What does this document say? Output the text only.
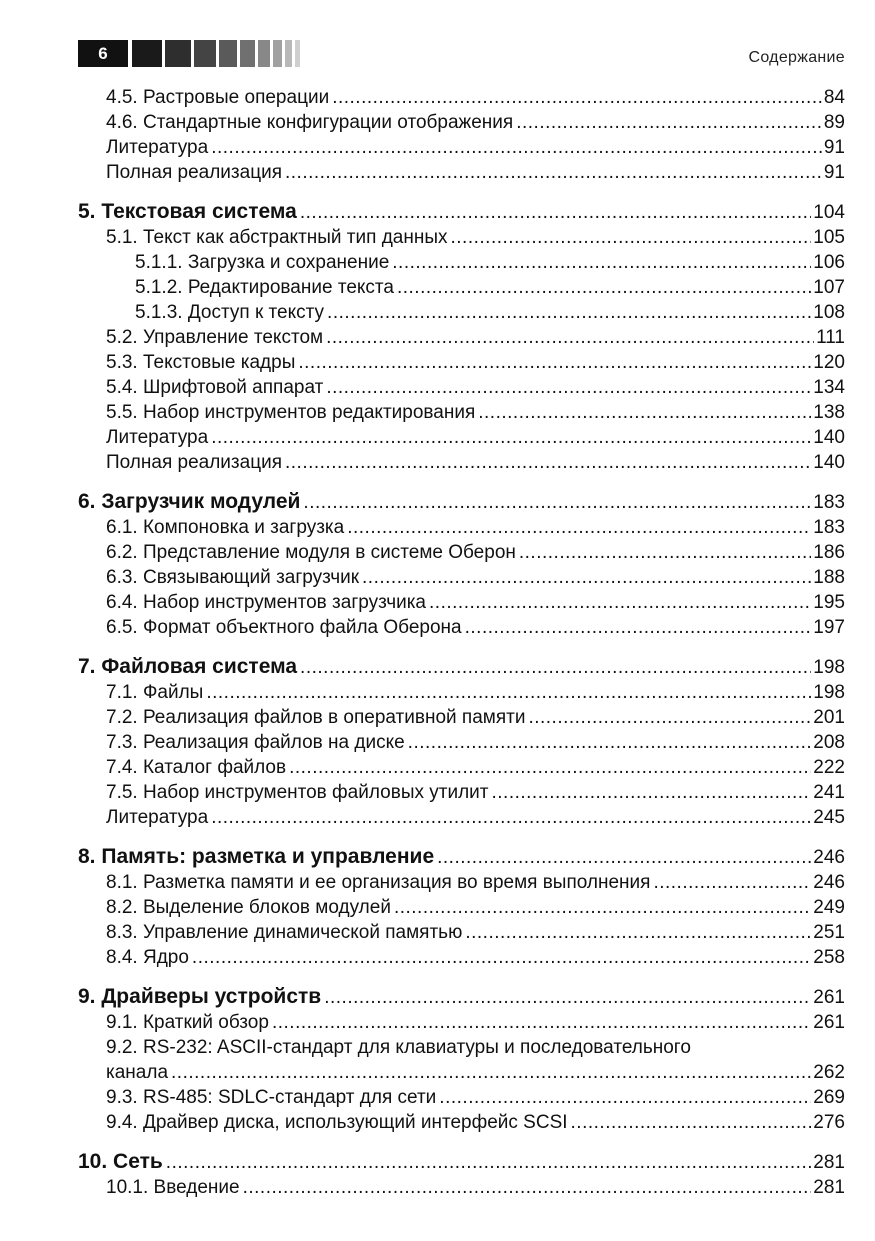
6	Содержание
4.5. Растровые операции .....	84
4.6. Стандартные конфигурации отображения .....	89
Литература .....	91
Полная реализация .....	91
5. Текстовая система .....	104
5.1. Текст как абстрактный тип данных .....	105
5.1.1. Загрузка и сохранение .....	106
5.1.2. Редактирование текста .....	107
5.1.3. Доступ к тексту .....	108
5.2. Управление текстом .....	111
5.3. Текстовые кадры .....	120
5.4. Шрифтовой аппарат .....	134
5.5. Набор инструментов редактирования .....	138
Литература .....	140
Полная реализация .....	140
6. Загрузчик модулей .....	183
6.1. Компоновка и загрузка .....	183
6.2. Представление модуля в системе Оберон .....	186
6.3. Связывающий загрузчик .....	188
6.4. Набор инструментов загрузчика .....	195
6.5. Формат объектного файла Оберона .....	197
7. Файловая система .....	198
7.1. Файлы .....	198
7.2. Реализация файлов в оперативной памяти .....	201
7.3. Реализация файлов на диске .....	208
7.4. Каталог файлов .....	222
7.5. Набор инструментов файловых утилит .....	241
Литература .....	245
8. Память: разметка и управление .....	246
8.1. Разметка памяти и ее организация во время выполнения .....	246
8.2. Выделение блоков модулей .....	249
8.3. Управление динамической памятью .....	251
8.4. Ядро .....	258
9. Драйверы устройств .....	261
9.1. Краткий обзор .....	261
9.2. RS-232: ASCII-стандарт для клавиатуры и последовательного
канала .....	262
9.3. RS-485: SDLC-стандарт для сети .....	269
9.4. Драйвер диска, использующий интерфейс SCSI .....	276
10. Сеть .....	281
10.1. Введение .....	281
